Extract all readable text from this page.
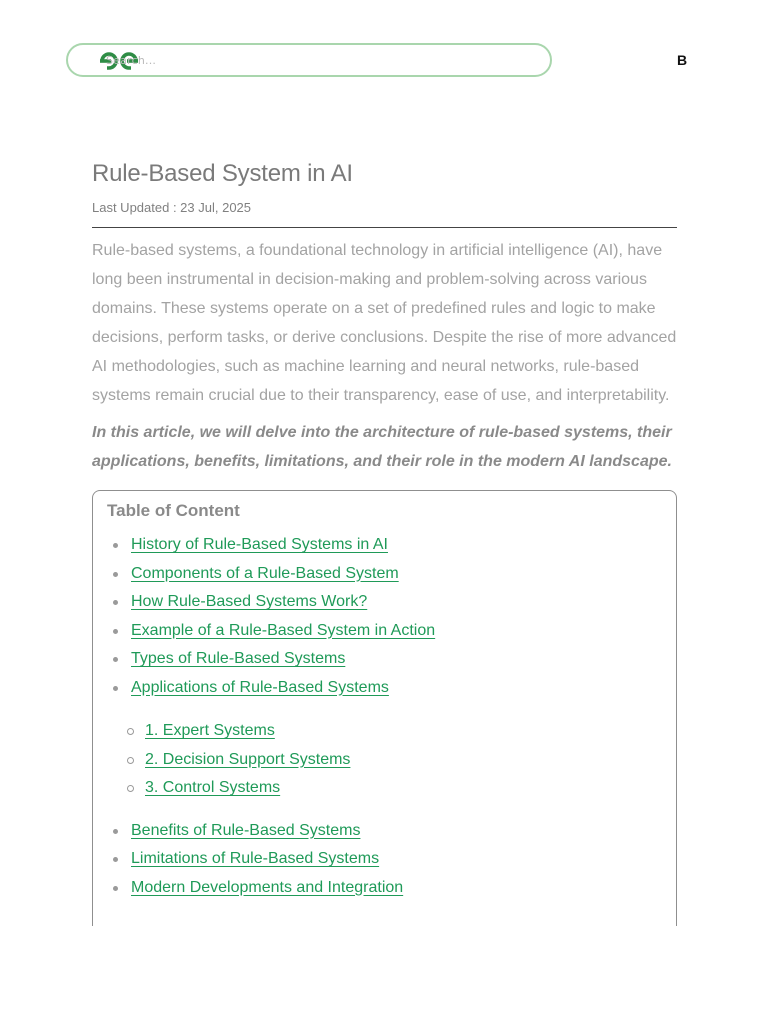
Search...	B
Rule-Based System in AI
Last Updated : 23 Jul, 2025
Rule-based systems, a foundational technology in artificial intelligence (AI), have long been instrumental in decision-making and problem-solving across various domains. These systems operate on a set of predefined rules and logic to make decisions, perform tasks, or derive conclusions. Despite the rise of more advanced AI methodologies, such as machine learning and neural networks, rule-based systems remain crucial due to their transparency, ease of use, and interpretability.
In this article, we will delve into the architecture of rule-based systems, their applications, benefits, limitations, and their role in the modern AI landscape.
Table of Content
History of Rule-Based Systems in AI
Components of a Rule-Based System
How Rule-Based Systems Work?
Example of a Rule-Based System in Action
Types of Rule-Based Systems
Applications of Rule-Based Systems
1. Expert Systems
2. Decision Support Systems
3. Control Systems
Benefits of Rule-Based Systems
Limitations of Rule-Based Systems
Modern Developments and Integration
